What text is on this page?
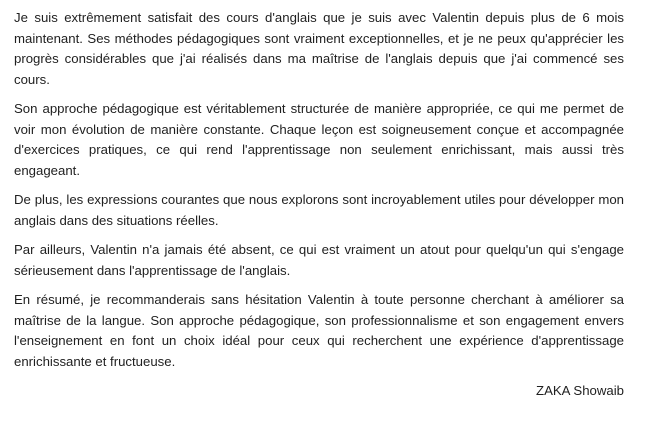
Je suis extrêmement satisfait des cours d'anglais que je suis avec Valentin depuis plus de 6 mois maintenant. Ses méthodes pédagogiques sont vraiment exceptionnelles, et je ne peux qu'apprécier les progrès considérables que j'ai réalisés dans ma maîtrise de l'anglais depuis que j'ai commencé ses cours.

Son approche pédagogique est véritablement structurée de manière appropriée, ce qui me permet de voir mon évolution de manière constante. Chaque leçon est soigneusement conçue et accompagnée d'exercices pratiques, ce qui rend l'apprentissage non seulement enrichissant, mais aussi très engageant.

De plus, les expressions courantes que nous explorons sont incroyablement utiles pour développer mon anglais dans des situations réelles.

Par ailleurs, Valentin n'a jamais été absent, ce qui est vraiment un atout pour quelqu'un qui s'engage sérieusement dans l'apprentissage de l'anglais.

En résumé, je recommanderais sans hésitation Valentin à toute personne cherchant à améliorer sa maîtrise de la langue. Son approche pédagogique, son professionnalisme et son engagement envers l'enseignement en font un choix idéal pour ceux qui recherchent une expérience d'apprentissage enrichissante et fructueuse.

ZAKA Showaib
